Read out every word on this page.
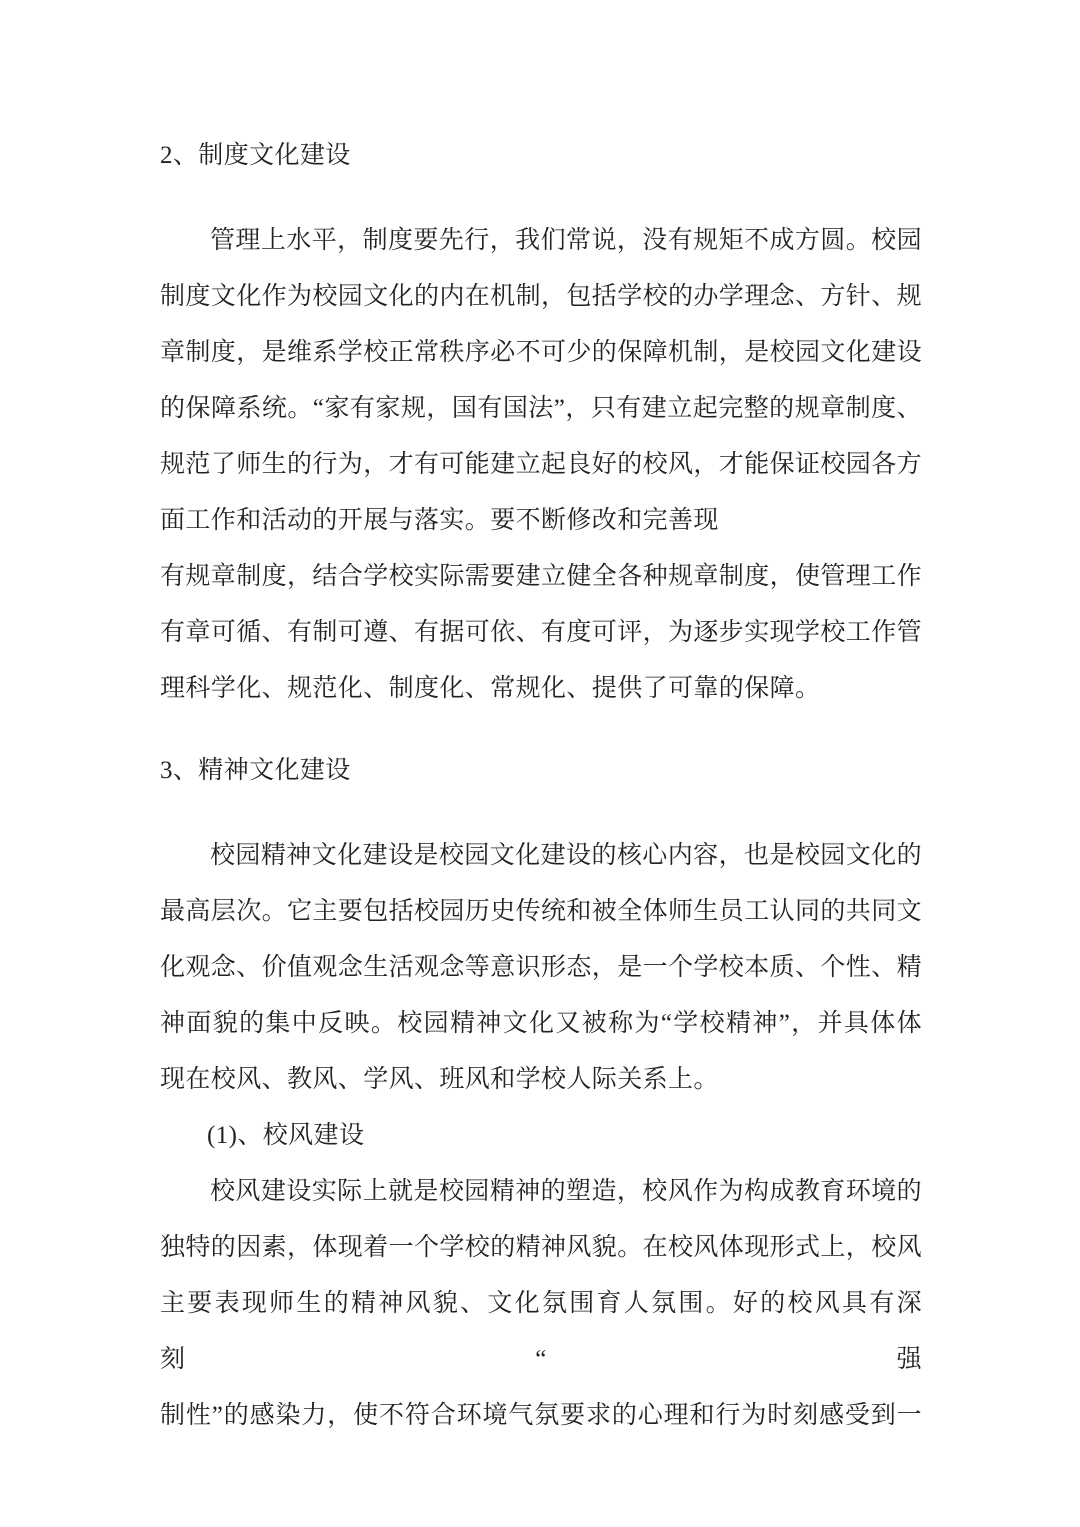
2、制度文化建设
管理上水平，制度要先行，我们常说，没有规矩不成方圆。校园
制度文化作为校园文化的内在机制，包括学校的办学理念、方针、规
章制度，是维系学校正常秩序必不可少的保障机制，是校园文化建设
的保障系统。“家有家规，国有国法”，只有建立起完整的规章制度、
规范了师生的行为，才有可能建立起良好的校风，才能保证校园各方
面工作和活动的开展与落实。要不断修改和完善现
有规章制度，结合学校实际需要建立健全各种规章制度，使管理工作
有章可循、有制可遵、有据可依、有度可评，为逐步实现学校工作管
理科学化、规范化、制度化、常规化、提供了可靠的保障。
3、精神文化建设
校园精神文化建设是校园文化建设的核心内容，也是校园文化的
最高层次。它主要包括校园历史传统和被全体师生员工认同的共同文
化观念、价值观念生活观念等意识形态，是一个学校本质、个性、精
神面貌的集中反映。校园精神文化又被称为“学校精神”，并具体体
现在校风、教风、学风、班风和学校人际关系上。
(1)、校风建设
校风建设实际上就是校园精神的塑造，校风作为构成教育环境的
独特的因素，体现着一个学校的精神风貌。在校风体现形式上，校风
主要表现师生的精神风貌、文化氛围育人氛围。好的校风具有深刻“强
制性”的感染力，使不符合环境气氛要求的心理和行为时刻感受到一
